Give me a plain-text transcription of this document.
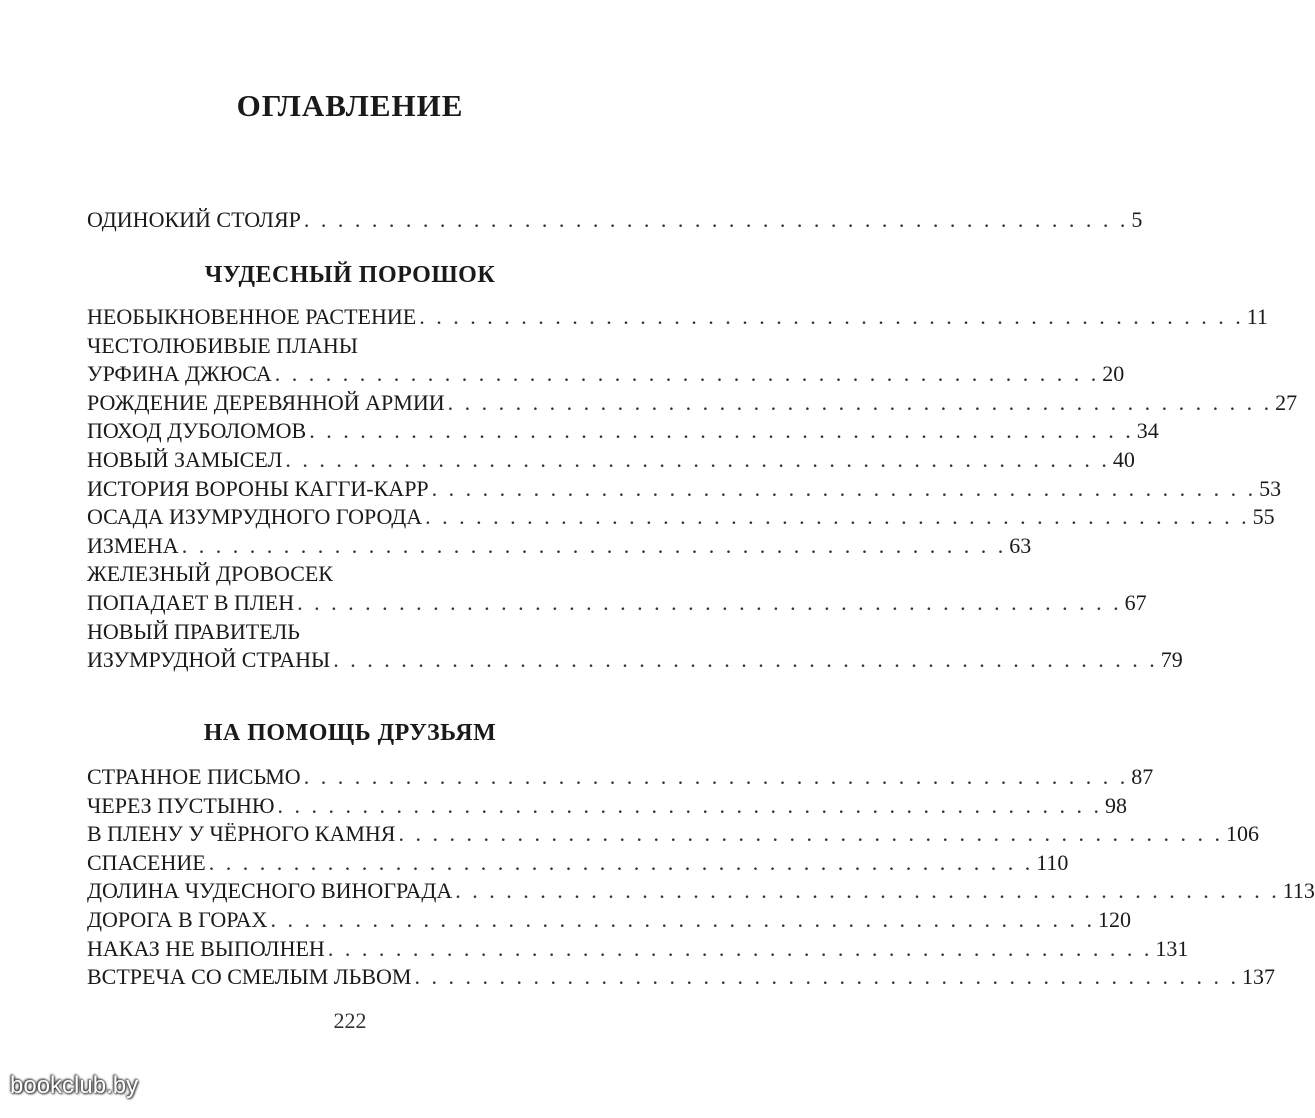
ОГЛАВЛЕНИЕ
ОДИНОКИЙ СТОЛЯР . . . . . . . . . . . . . . . . . . . . . . . . . . . . . . . . . . . . . . . . . . . . . . . . . 5
ЧУДЕСНЫЙ ПОРОШОК
НЕОБЫКНОВЕННОЕ РАСТЕНИЕ . . . . . . . . . . . . . . . . . . . . . . . . . . . . . . . . . . . . . . . . . . . . . . . . . 11
ЧЕСТОЛЮБИВЫЕ ПЛАНЫ
УРФИНА ДЖЮСА . . . . . . . . . . . . . . . . . . . . . . . . . . . . . . . . . . . . . . . . . . . . . . . . . 20
РОЖДЕНИЕ ДЕРЕВЯННОЙ АРМИИ . . . . . . . . . . . . . . . . . . . . . . . . . . . . . . . . . . . . . . . . . . . . . . . . . 27
ПОХОД ДУБОЛОМОВ . . . . . . . . . . . . . . . . . . . . . . . . . . . . . . . . . . . . . . . . . . . . . . . . . 34
НОВЫЙ ЗАМЫСЕЛ . . . . . . . . . . . . . . . . . . . . . . . . . . . . . . . . . . . . . . . . . . . . . . . . . 40
ИСТОРИЯ ВОРОНЫ КАГГИ-КАРР . . . . . . . . . . . . . . . . . . . . . . . . . . . . . . . . . . . . . . . . . . . . . . . . . 53
ОСАДА ИЗУМРУДНОГО ГОРОДА . . . . . . . . . . . . . . . . . . . . . . . . . . . . . . . . . . . . . . . . . . . . . . . . . 55
ИЗМЕНА . . . . . . . . . . . . . . . . . . . . . . . . . . . . . . . . . . . . . . . . . . . . . . . . . 63
ЖЕЛЕЗНЫЙ ДРОВОСЕК
ПОПАДАЕТ В ПЛЕН . . . . . . . . . . . . . . . . . . . . . . . . . . . . . . . . . . . . . . . . . . . . . . . . . 67
НОВЫЙ ПРАВИТЕЛЬ
ИЗУМРУДНОЙ СТРАНЫ . . . . . . . . . . . . . . . . . . . . . . . . . . . . . . . . . . . . . . . . . . . . . . . . . 79
НА ПОМОЩЬ ДРУЗЬЯМ
СТРАННОЕ ПИСЬМО . . . . . . . . . . . . . . . . . . . . . . . . . . . . . . . . . . . . . . . . . . . . . . . . . 87
ЧЕРЕЗ ПУСТЫНЮ . . . . . . . . . . . . . . . . . . . . . . . . . . . . . . . . . . . . . . . . . . . . . . . . . 98
В ПЛЕНУ У ЧЁРНОГО КАМНЯ . . . . . . . . . . . . . . . . . . . . . . . . . . . . . . . . . . . . . . . . . . . . . . . . . 106
СПАСЕНИЕ . . . . . . . . . . . . . . . . . . . . . . . . . . . . . . . . . . . . . . . . . . . . . . . . . 110
ДОЛИНА ЧУДЕСНОГО ВИНОГРАДА . . . . . . . . . . . . . . . . . . . . . . . . . . . . . . . . . . . . . . . . . . . . . . . . . 113
ДОРОГА В ГОРАХ . . . . . . . . . . . . . . . . . . . . . . . . . . . . . . . . . . . . . . . . . . . . . . . . . 120
НАКАЗ НЕ ВЫПОЛНЕН . . . . . . . . . . . . . . . . . . . . . . . . . . . . . . . . . . . . . . . . . . . . . . . . . 131
ВСТРЕЧА СО СМЕЛЫМ ЛЬВОМ . . . . . . . . . . . . . . . . . . . . . . . . . . . . . . . . . . . . . . . . . . . . . . . . . 137
222
bookclub.by
